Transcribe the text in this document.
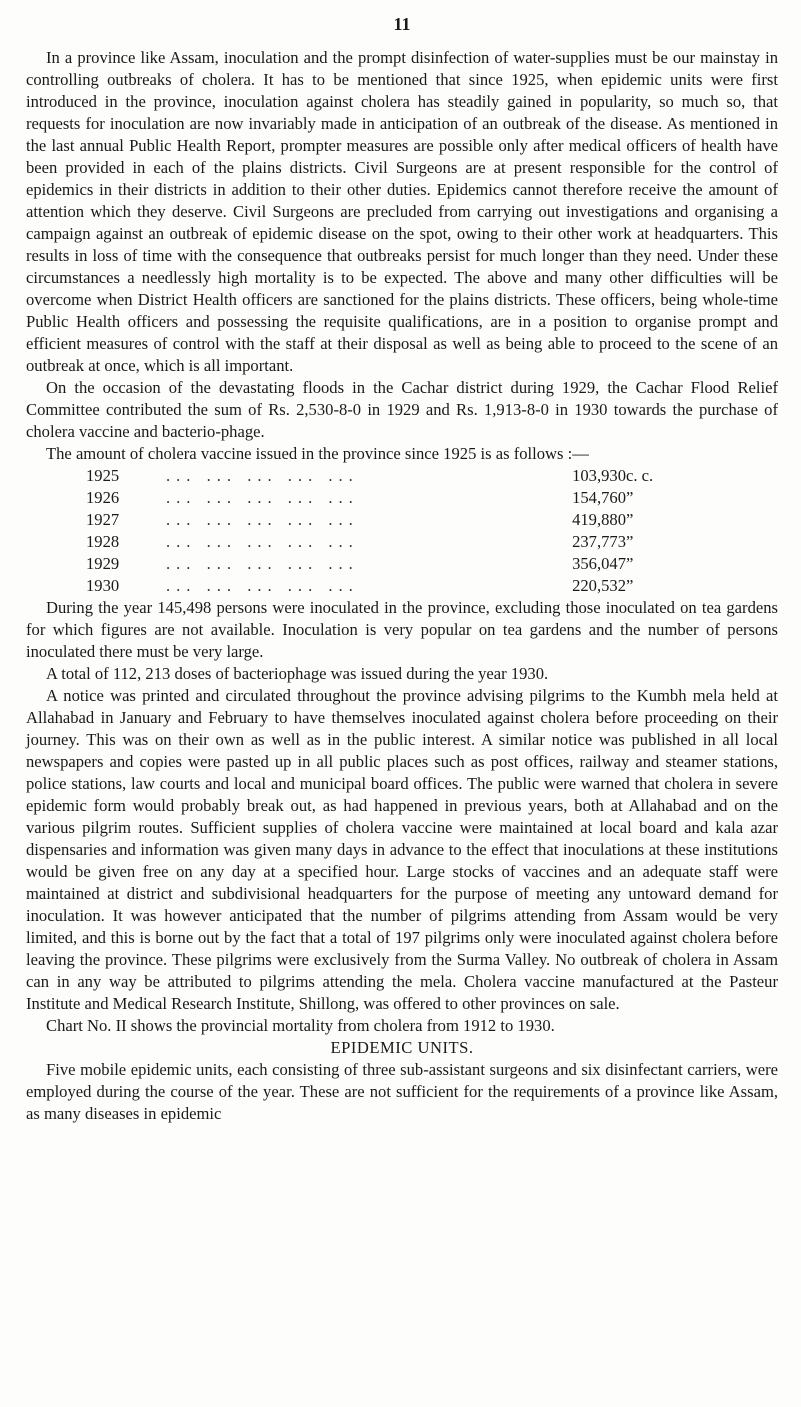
11

In a province like Assam, inoculation and the prompt disinfection of water-supplies must be our mainstay in controlling outbreaks of cholera. It has to be mentioned that since 1925, when epidemic units were first introduced in the province, inoculation against cholera has steadily gained in popularity, so much so, that requests for inoculation are now invariably made in anticipation of an outbreak of the disease. As mentioned in the last annual Public Health Report, prompter measures are possible only after medical officers of health have been provided in each of the plains districts. Civil Surgeons are at present responsible for the control of epidemics in their districts in addition to their other duties. Epidemics cannot therefore receive the amount of attention which they deserve. Civil Surgeons are precluded from carrying out investigations and organising a campaign against an outbreak of epidemic disease on the spot, owing to their other work at headquarters. This results in loss of time with the consequence that outbreaks persist for much longer than they need. Under these circumstances a needlessly high mortality is to be expected. The above and many other difficulties will be overcome when District Health officers are sanctioned for the plains districts. These officers, being whole-time Public Health officers and possessing the requisite qualifications, are in a position to organise prompt and efficient measures of control with the staff at their disposal as well as being able to proceed to the scene of an outbreak at once, which is all important.

On the occasion of the devastating floods in the Cachar district during 1929, the Cachar Flood Relief Committee contributed the sum of Rs. 2,530-8-0 in 1929 and Rs. 1,913-8-0 in 1930 towards the purchase of cholera vaccine and bacterio-phage.

The amount of cholera vaccine issued in the province since 1925 is as follows :—

1925	... ... ... ... ...	103,930	c. c.
1926	... ... ... ... ...	154,760	”
1927	... ... ... ... ...	419,880	”
1928	... ... ... ... ...	237,773	”
1929	... ... ... ... ...	356,047	”
1930	... ... ... ... ...	220,532	”

During the year 145,498 persons were inoculated in the province, excluding those inoculated on tea gardens for which figures are not available. Inoculation is very popular on tea gardens and the number of persons inoculated there must be very large.

A total of 112, 213 doses of bacteriophage was issued during the year 1930.

A notice was printed and circulated throughout the province advising pilgrims to the Kumbh mela held at Allahabad in January and February to have themselves inoculated against cholera before proceeding on their journey. This was on their own as well as in the public interest. A similar notice was published in all local newspapers and copies were pasted up in all public places such as post offices, railway and steamer stations, police stations, law courts and local and municipal board offices. The public were warned that cholera in severe epidemic form would probably break out, as had happened in previous years, both at Allahabad and on the various pilgrim routes. Sufficient supplies of cholera vaccine were maintained at local board and kala azar dispensaries and information was given many days in advance to the effect that inoculations at these institutions would be given free on any day at a specified hour. Large stocks of vaccines and an adequate staff were maintained at district and subdivisional headquarters for the purpose of meeting any untoward demand for inoculation. It was however anticipated that the number of pilgrims attending from Assam would be very limited, and this is borne out by the fact that a total of 197 pilgrims only were inoculated against cholera before leaving the province. These pilgrims were exclusively from the Surma Valley. No outbreak of cholera in Assam can in any way be attributed to pilgrims attending the mela. Cholera vaccine manufactured at the Pasteur Institute and Medical Research Institute, Shillong, was offered to other provinces on sale.

Chart No. II shows the provincial mortality from cholera from 1912 to 1930.

EPIDEMIC UNITS.

Five mobile epidemic units, each consisting of three sub-assistant surgeons and six disinfectant carriers, were employed during the course of the year. These are not sufficient for the requirements of a province like Assam, as many diseases in epidemic
